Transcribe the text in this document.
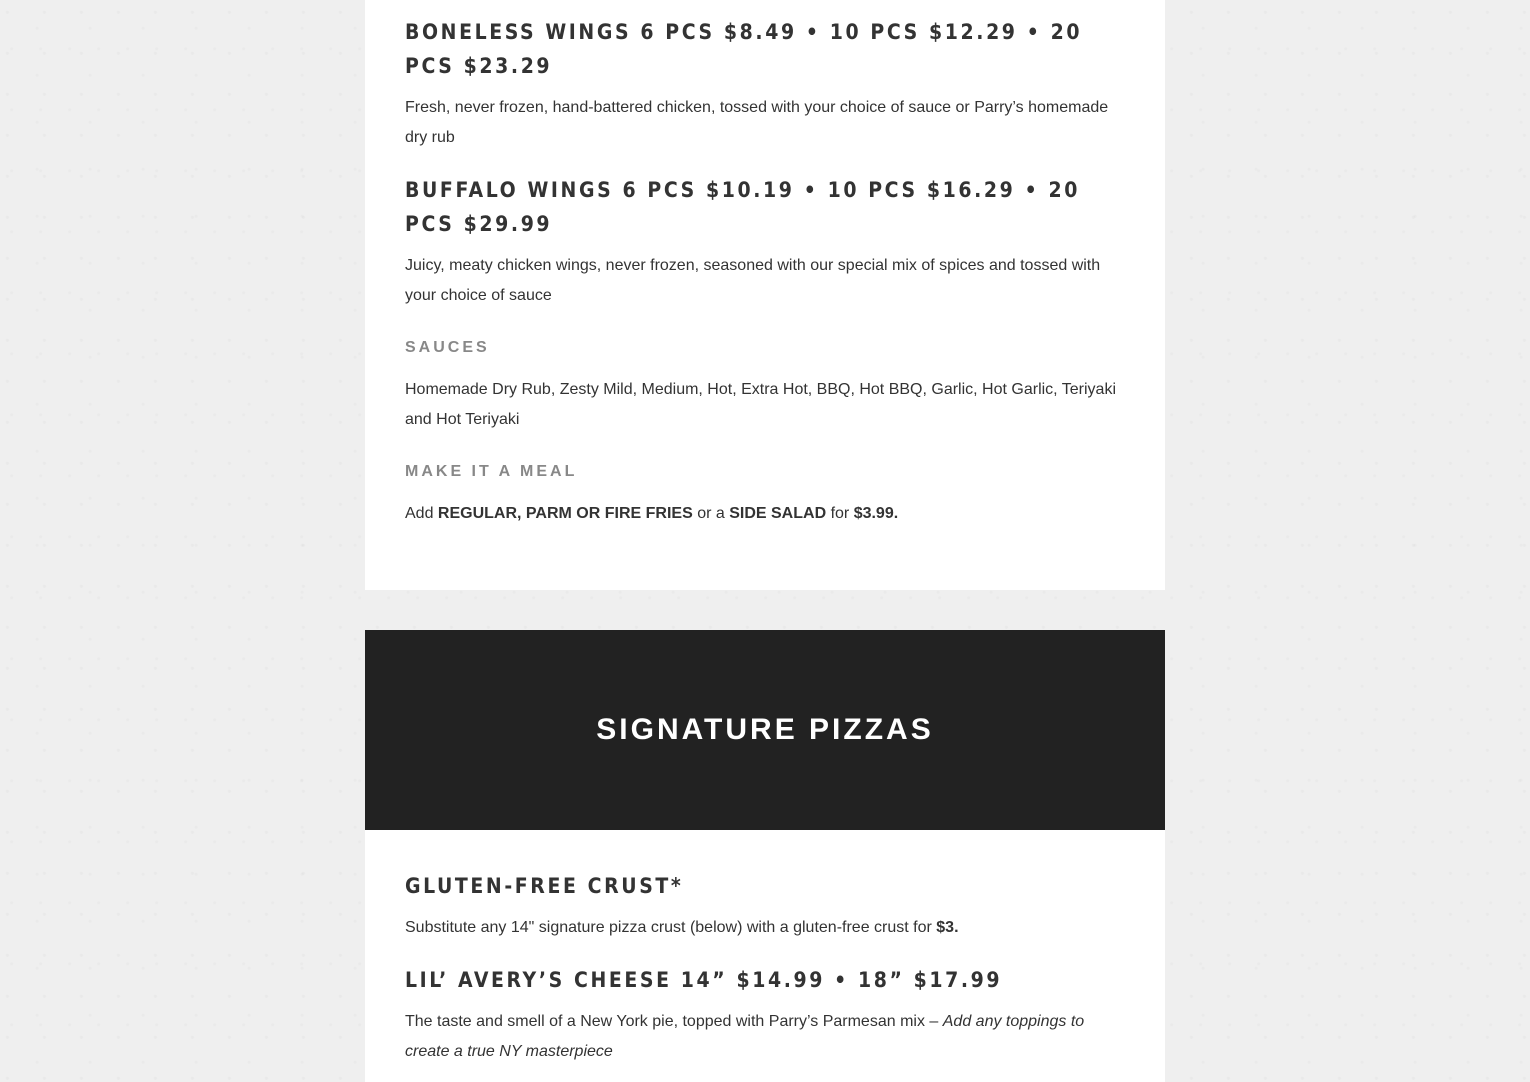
BONELESS WINGS 6 PCS $8.49 • 10 PCS $12.29 • 20 PCS $23.29

Fresh, never frozen, hand-battered chicken, tossed with your choice of sauce or Parry’s homemade dry rub

BUFFALO WINGS 6 PCS $10.19 • 10 PCS $16.29 • 20 PCS $29.99

Juicy, meaty chicken wings, never frozen, seasoned with our special mix of spices and tossed with your choice of sauce

SAUCES

Homemade Dry Rub, Zesty Mild, Medium, Hot, Extra Hot, BBQ, Hot BBQ, Garlic, Hot Garlic, Teriyaki and Hot Teriyaki

MAKE IT A MEAL

Add REGULAR, PARM OR FIRE FRIES or a SIDE SALAD for $3.99.

SIGNATURE PIZZAS
GLUTEN-FREE CRUST*

Substitute any 14" signature pizza crust (below) with a gluten-free crust for $3.

LIL’ AVERY’S CHEESE 14” $14.99 • 18” $17.99

The taste and smell of a New York pie, topped with Parry’s Parmesan mix – Add any toppings to create a true NY masterpiece
